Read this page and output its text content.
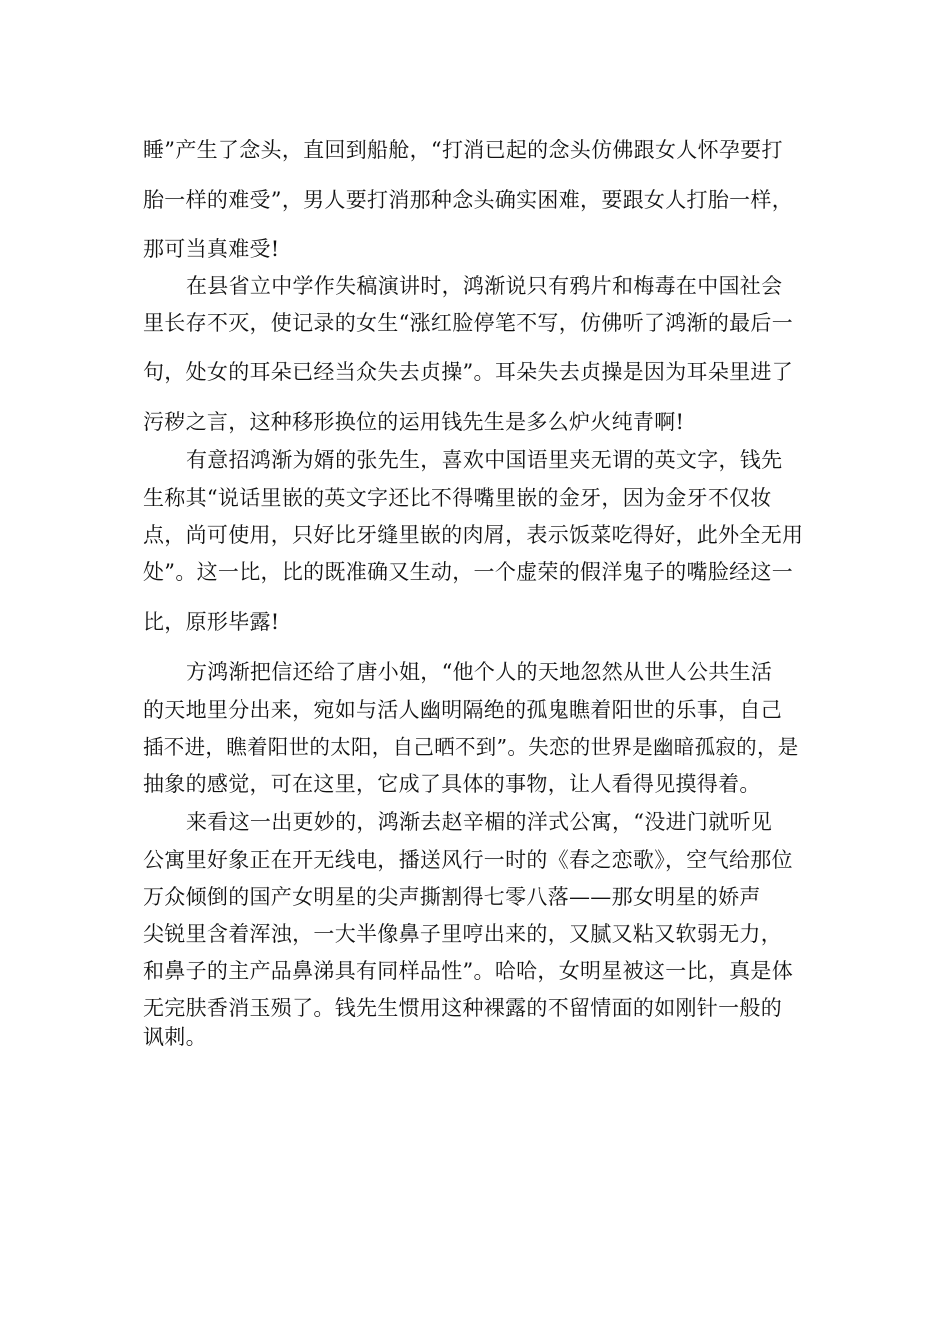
睡”产生了念头，直回到船舱，“打消已起的念头仿佛跟女人怀孕要打
胎一样的难受”，男人要打消那种念头确实困难，要跟女人打胎一样，
那可当真难受!
在县省立中学作失稿演讲时，鸿渐说只有鸦片和梅毒在中国社会
里长存不灭，使记录的女生“涨红脸停笔不写，仿佛听了鸿渐的最后一
句，处女的耳朵已经当众失去贞操”。耳朵失去贞操是因为耳朵里进了
污秽之言，这种移形换位的运用钱先生是多么炉火纯青啊!
有意招鸿渐为婿的张先生，喜欢中国语里夹无谓的英文字，钱先
生称其“说话里嵌的英文字还比不得嘴里嵌的金牙，因为金牙不仅妆
点，尚可使用，只好比牙缝里嵌的肉屑，表示饭菜吃得好，此外全无用
处”。这一比，比的既准确又生动，一个虚荣的假洋鬼子的嘴脸经这一
比，原形毕露!
方鸿渐把信还给了唐小姐，“他个人的天地忽然从世人公共生活
的天地里分出来，宛如与活人幽明隔绝的孤鬼瞧着阳世的乐事，自己
插不进，瞧着阳世的太阳，自己晒不到”。失恋的世界是幽暗孤寂的，是
抽象的感觉，可在这里，它成了具体的事物，让人看得见摸得着。
来看这一出更妙的，鸿渐去赵辛楣的洋式公寓，“没进门就听见
公寓里好象正在开无线电，播送风行一时的《春之恋歌》，空气给那位
万众倾倒的国产女明星的尖声撕割得七零八落——那女明星的娇声
尖锐里含着浑浊，一大半像鼻子里哼出来的，又腻又粘又软弱无力，
和鼻子的主产品鼻涕具有同样品性”。哈哈，女明星被这一比，真是体
无完肤香消玉殒了。钱先生惯用这种裸露的不留情面的如刚针一般的
讽刺。
